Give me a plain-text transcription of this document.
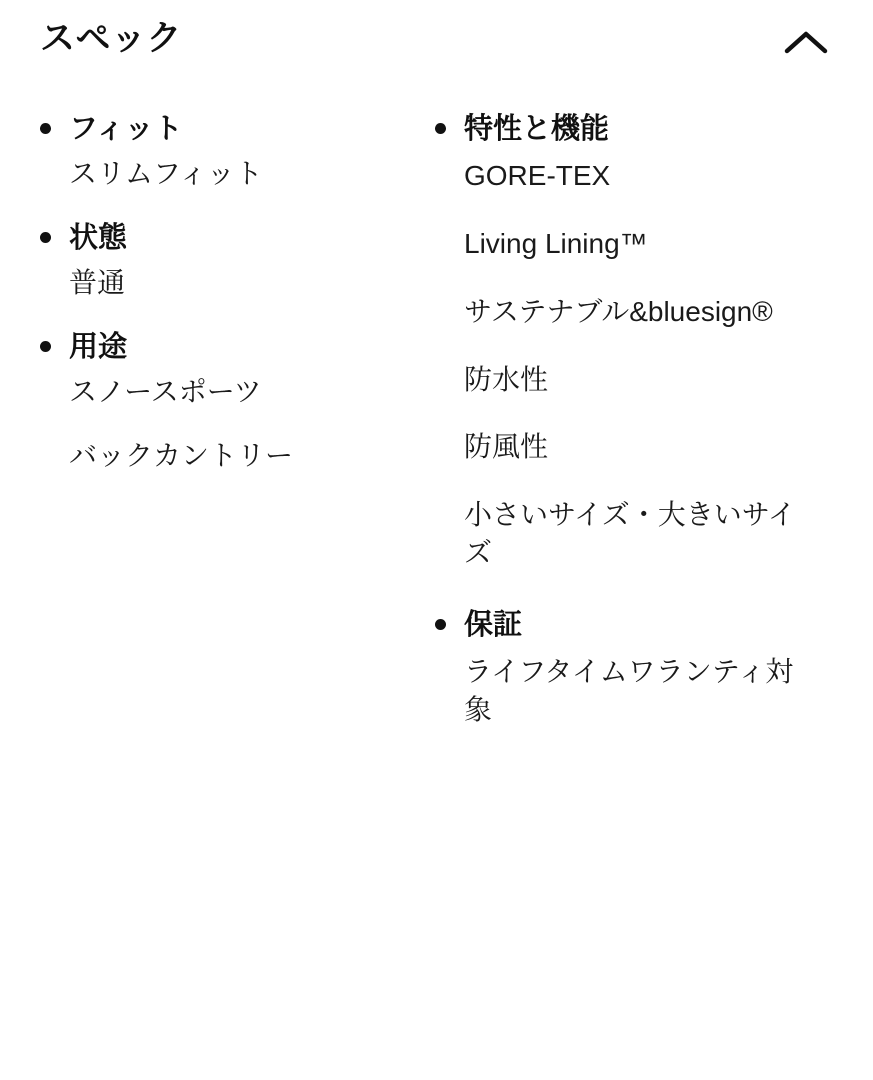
スペック
フィット
スリムフィット
状態
普通
用途
スノースポーツ
バックカントリー
特性と機能
GORE-TEX
Living Lining™
サステナブル&bluesign®
防水性
防風性
小さいサイズ・大きいサイズ
保証
ライフタイムワランティ対象
